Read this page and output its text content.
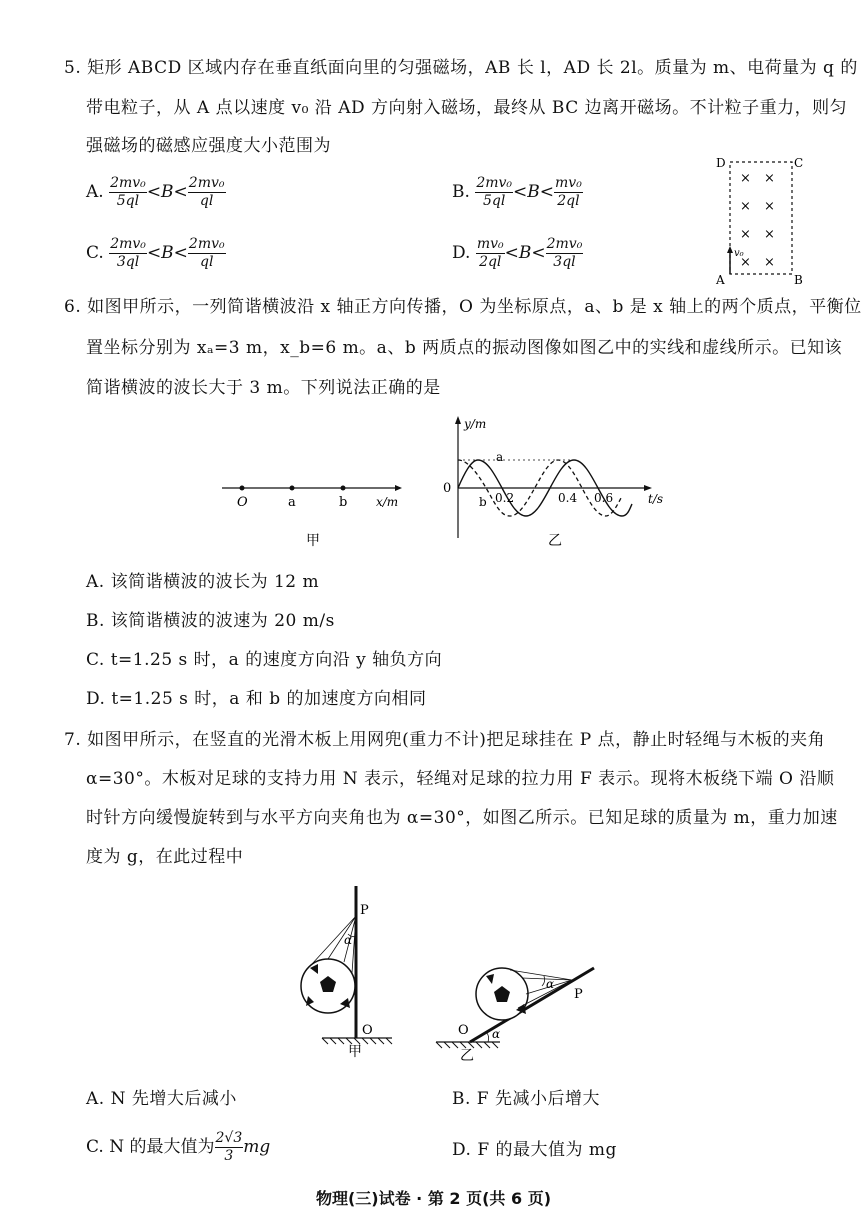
5. 矩形 ABCD 区域内存在垂直纸面向里的匀强磁场，AB 长 l，AD 长 2l。质量为 m、电荷量为 q 的
带电粒子，从 A 点以速度 v₀ 沿 AD 方向射入磁场，最终从 BC 边离开磁场。不计粒子重力，则匀
强磁场的磁感应强度大小范围为
A. $\frac{\text{2mv₀}}{5ql} <B< \frac{\text{2mv₀}}{ql}$	B. $\frac{\text{2mv₀}}{5ql} <B< \frac{\text{mv₀}}{2ql}$
C. $\frac{\text{2mv₀}}{3ql} <B< \frac{\text{2mv₀}}{ql}$	D. $\frac{\text{mv₀}}{2ql} <B< \frac{\text{2mv₀}}{3ql}$
D	C
A	B
× ×
× ×
× ×
× ×
v₀
6. 如图甲所示，一列简谐横波沿 x 轴正方向传播，O 为坐标原点，a、b 是 x 轴上的两个质点，平衡位
置坐标分别为 xₐ=3 m，x_b=6 m。a、b 两质点的振动图像如图乙中的实线和虚线所示。已知该
简谐横波的波长大于 3 m。下列说法正确的是
O	a	b x/m
甲
y/m
t/s
0
a
b 0.2	0.4 0.6
乙
A. 该简谐横波的波长为 12 m
B. 该简谐横波的波速为 20 m/s
C. t=1.25 s 时，a 的速度方向沿 y 轴负方向
D. t=1.25 s 时，a 和 b 的加速度方向相同
7. 如图甲所示，在竖直的光滑木板上用网兜(重力不计)把足球挂在 P 点，静止时轻绳与木板的夹角
α=30°。木板对足球的支持力用 N 表示，轻绳对足球的拉力用 F 表示。现将木板绕下端 O 沿顺
时针方向缓慢旋转到与水平方向夹角也为 α=30°，如图乙所示。已知足球的质量为 m，重力加速
度为 g，在此过程中
P
α
O
甲
P
α
α
O
乙
A. N 先增大后减小	B. F 先减小后增大
C. N 的最大值为 $\frac{2√3}{3}$ mg	D. F 的最大值为 mg
物理(三)试卷 · 第 2 页(共 6 页)
